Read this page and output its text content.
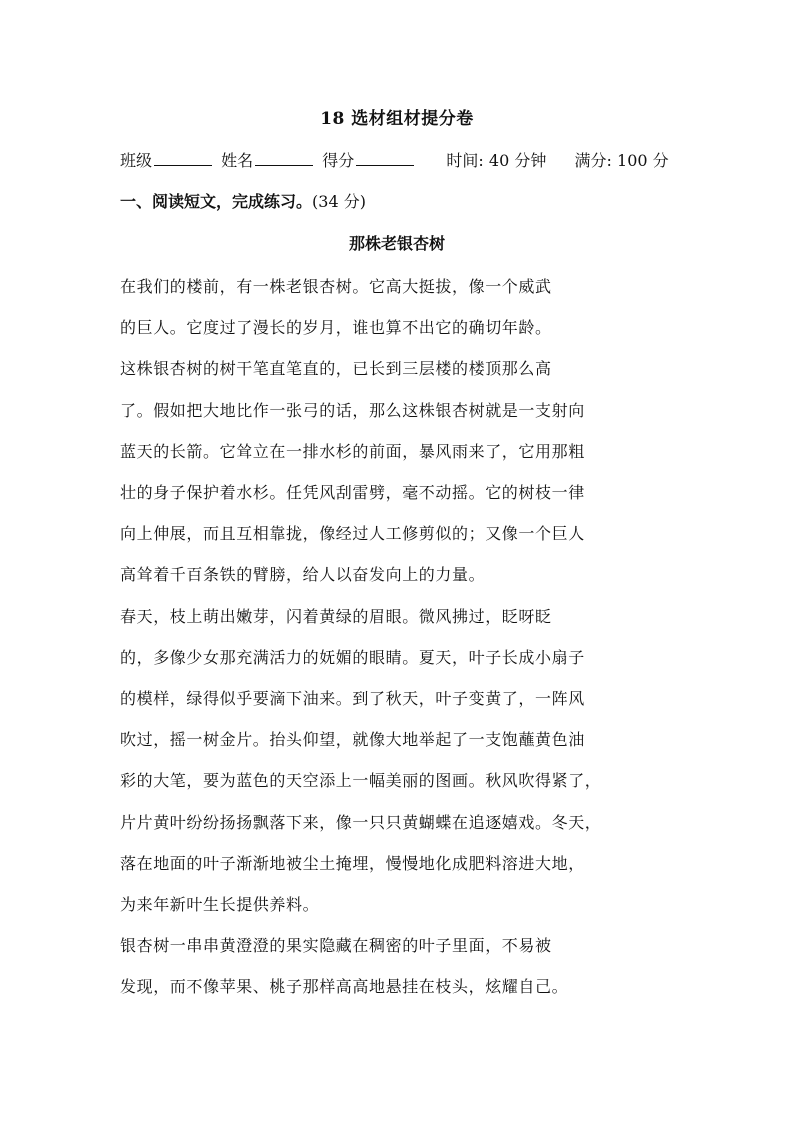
18 选材组材提分卷
班级	姓名	得分	时间: 40 分钟 满分: 100 分
一、阅读短文，完成练习。(34 分)
那株老银杏树
在我们的楼前，有一株老银杏树。它高大挺拔，像一个威武
的巨人。它度过了漫长的岁月，谁也算不出它的确切年龄。
这株银杏树的树干笔直笔直的，已长到三层楼的楼顶那么高
了。假如把大地比作一张弓的话，那么这株银杏树就是一支射向
蓝天的长箭。它耸立在一排水杉的前面，暴风雨来了，它用那粗
壮的身子保护着水杉。任凭风刮雷劈，毫不动摇。它的树枝一律
向上伸展，而且互相靠拢，像经过人工修剪似的；又像一个巨人
高耸着千百条铁的臂膀，给人以奋发向上的力量。
春天，枝上萌出嫩芽，闪着黄绿的眉眼。微风拂过，眨呀眨
的，多像少女那充满活力的妩媚的眼睛。夏天，叶子长成小扇子
的模样，绿得似乎要滴下油来。到了秋天，叶子变黄了，一阵风
吹过，摇一树金片。抬头仰望，就像大地举起了一支饱蘸黄色油
彩的大笔，要为蓝色的天空添上一幅美丽的图画。秋风吹得紧了，
片片黄叶纷纷扬扬飘落下来，像一只只黄蝴蝶在追逐嬉戏。冬天，
落在地面的叶子渐渐地被尘土掩埋，慢慢地化成肥料溶进大地，
为来年新叶生长提供养料。
银杏树一串串黄澄澄的果实隐藏在稠密的叶子里面，不易被
发现，而不像苹果、桃子那样高高地悬挂在枝头，炫耀自己。
